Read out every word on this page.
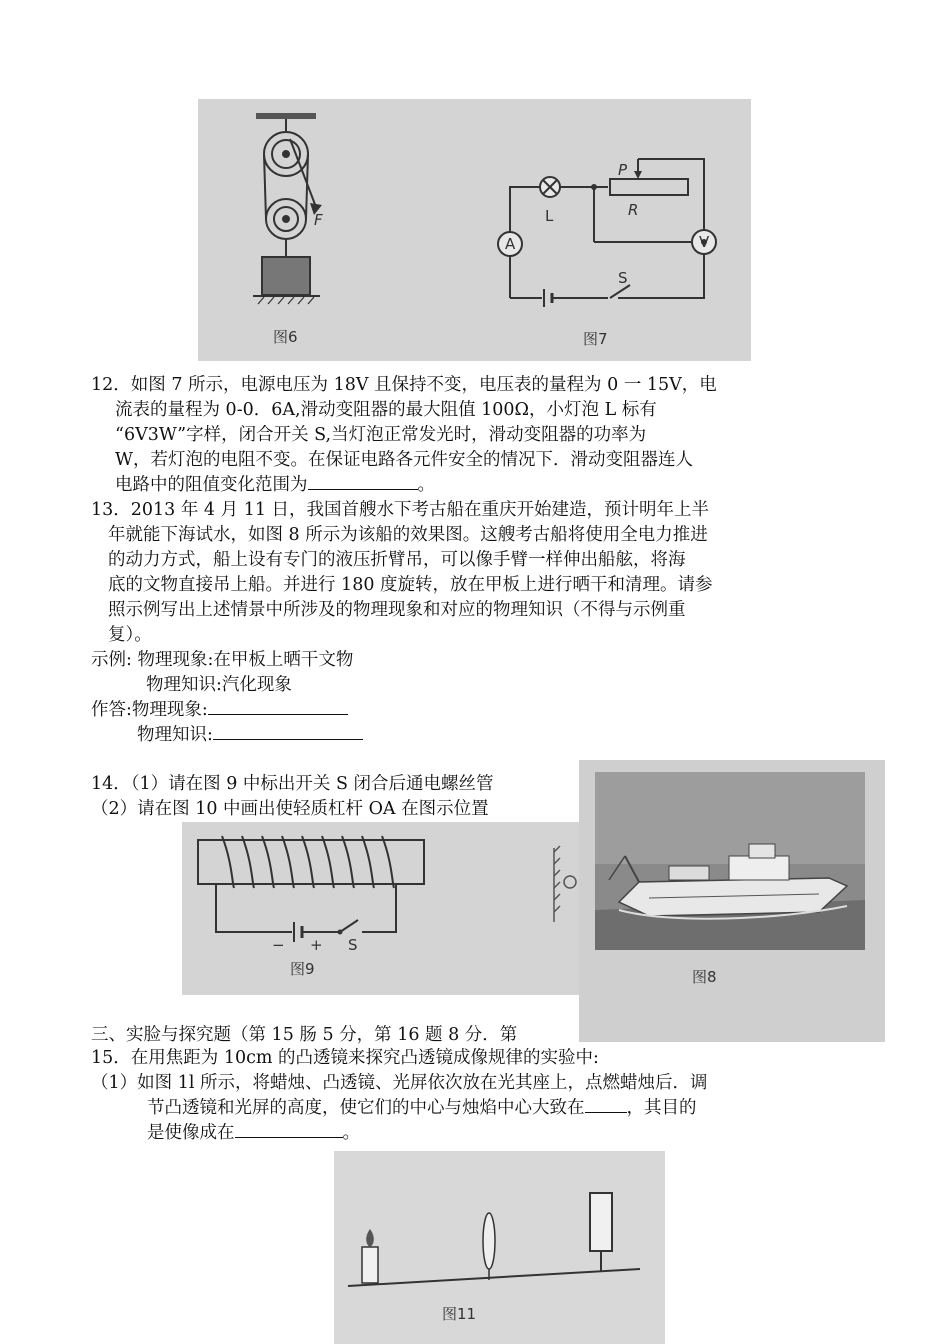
F
图6
L
P
R
A	V
S
图7
12．如图 7 所示，电源电压为 18V 且保持不变，电压表的量程为 0 一 15V，电
流表的量程为 0-0．6A,滑动变阻器的最大阻值 100Ω，小灯泡 L 标有
“6V3W”字样，闭合开关 S,当灯泡正常发光时，滑动变阻器的功率为
W，若灯泡的电阻不变。在保证电路各元件安全的情况下．滑动变阻器连人
电路中的阻值变化范围为	。
13．2013 年 4 月 11 日，我国首艘水下考古船在重庆开始建造，预计明年上半
年就能下海试水，如图 8 所示为该船的效果图。这艘考古船将使用全电力推进
的动力方式，船上设有专门的液压折臂吊，可以像手臂一样伸出船舷，将海
底的文物直接吊上船。并进行 180 度旋转，放在甲板上进行晒干和清理。请参
照示例写出上述情景中所涉及的物理现象和对应的物理知识（不得与示例重
复）。
示例: 物理现象:在甲板上晒干文物
物理知识:汽化现象
作答:物理现象:
物理知识:
14．（1）请在图 9 中标出开关 S 闭合后通电螺丝管
（2）请在图 10 中画出使轻质杠杆 OA 在图示位置
− + S
图9	图8
三、实脸与探究题（第 15 肠 5 分，第 16 题 8 分．第
15．在用焦距为 10cm 的凸透镜来探究凸透镜成像规律的实验中:
（1）如图 1l 所示，将蜡烛、凸透镜、光屏依次放在光其座上，点燃蜡烛后．调
节凸透镜和光屏的高度，使它们的中心与烛焰中心大致在 ，其目的
是使像成在	。
图11
